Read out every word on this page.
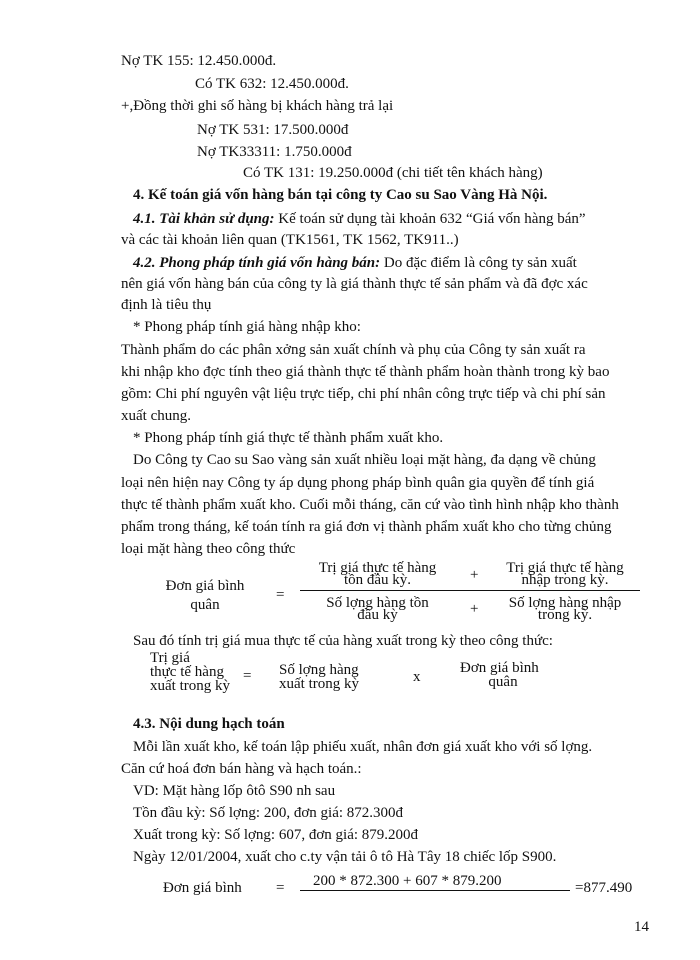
Nợ TK 155: 12.450.000đ.
Có TK 632: 12.450.000đ.
+,Đồng thời ghi số hàng bị khách hàng trả lại
Nợ TK 531: 17.500.000đ
Nợ TK33311: 1.750.000đ
Có TK 131: 19.250.000đ (chi tiết tên khách hàng)
4. Kế toán giá vốn hàng bán tại công ty Cao su Sao Vàng Hà Nội.
4.1. Tài khản sử dụng: Kế toán sử dụng tài khoản 632 “Giá vốn hàng bán”
và các tài khoản liên quan (TK1561, TK 1562, TK911..)
4.2. Phong pháp tính giá vốn hàng bán: Do đặc điểm là công ty sản xuất
nên giá vốn hàng bán của công ty là giá thành thực tế sản phẩm và đã đợc xác
định là tiêu thụ
* Phong pháp tính giá hàng nhập kho:
Thành phẩm do các phân xởng sản xuất chính và phụ của Công ty sản xuất ra
khi nhập kho đợc tính theo giá thành thực tế thành phẩm hoàn thành trong kỳ bao
gồm: Chi phí nguyên vật liệu trực tiếp, chi phí nhân công trực tiếp và chi phí sản
xuất chung.
* Phong pháp tính giá thực tế thành phẩm xuất kho.
Do Công ty Cao su Sao vàng sản xuất nhiều loại mặt hàng, đa dạng về chủng
loại nên hiện nay Công ty áp dụng phong pháp bình quân gia quyền để tính giá
thực tế thành phẩm xuất kho. Cuối mỗi tháng, căn cứ vào tình hình nhập kho thành
phẩm trong tháng, kế toán tính ra giá đơn vị thành phẩm xuất kho cho từng chủng
loại mặt hàng theo công thức
Đơn giá bình
quân
=
Trị giá thực tế hàng
tồn đầu kỳ.	+	Trị giá thực tế hàng
nhập trong kỳ.
Số lợng hàng tồn
đầu kỳ	+	Số lợng hàng nhập
trong kỳ.
Sau đó tính trị giá mua thực tế của hàng xuất trong kỳ theo công thức:
Trị giá
thực tế hàng
xuất trong kỳ
= Số lợng hàng
xuất trong kỳ	x
Đơn giá bình
quân
4.3. Nội dung hạch toán
Mỗi lần xuất kho, kế toán lập phiếu xuất, nhân đơn giá xuất kho với số lợng.
Căn cứ hoá đơn bán hàng và hạch toán.:
VD: Mặt hàng lốp ôtô S90 nh sau
Tồn đầu kỳ: Số lợng: 200, đơn giá: 872.300đ
Xuất trong kỳ: Số lợng: 607, đơn giá: 879.200đ
Ngày 12/01/2004, xuất cho c.ty vận tải ô tô Hà Tây 18 chiếc lốp S900.
Đơn giá bình = 200 * 872.300 + 607 * 879.200	=877.490
14
